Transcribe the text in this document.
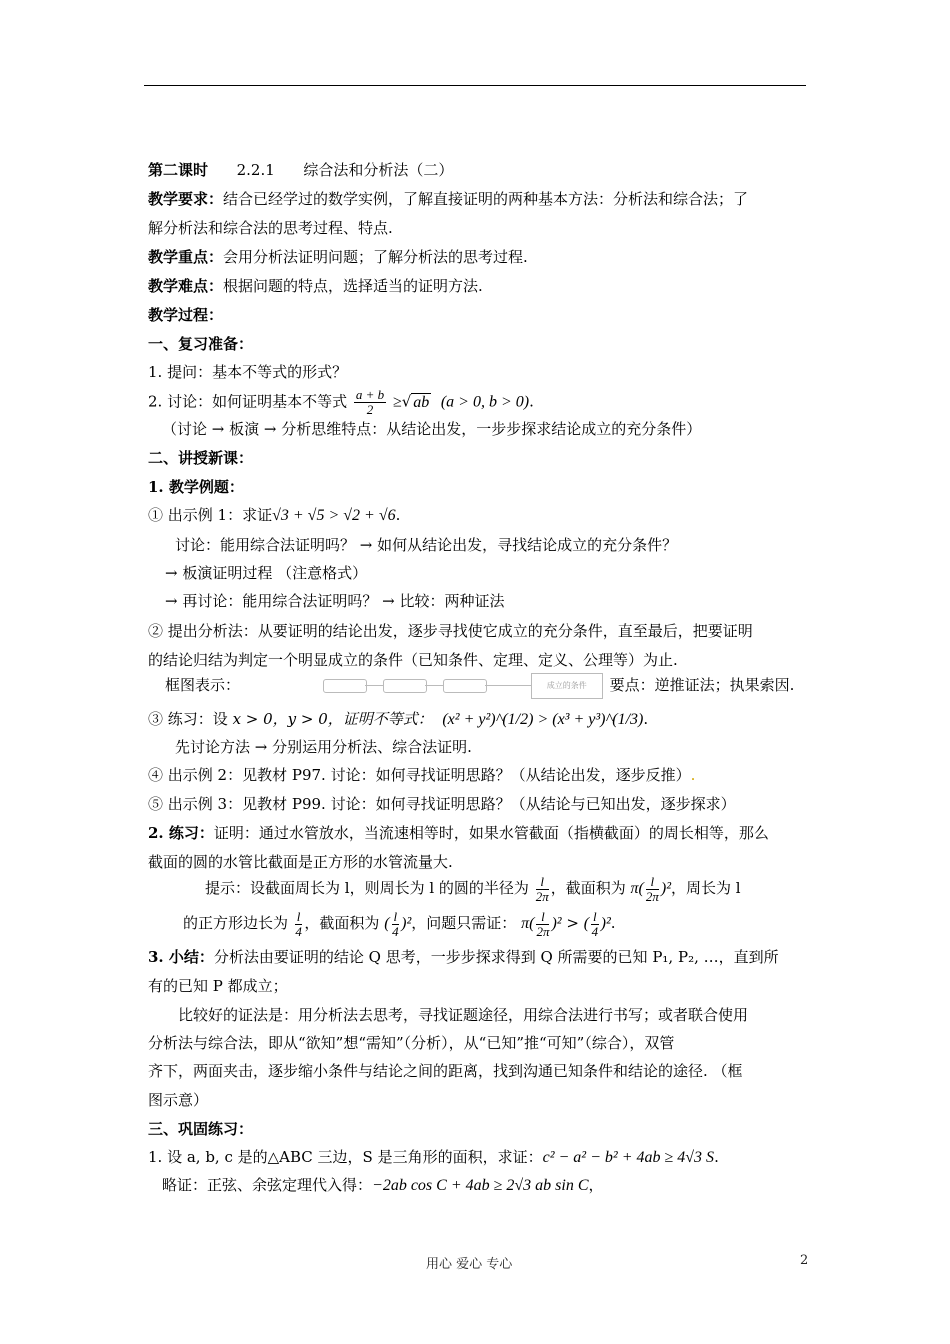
第二课时 2.2.1 综合法和分析法（二）
教学要求：结合已经学过的数学实例，了解直接证明的两种基本方法：分析法和综合法；了
解分析法和综合法的思考过程、特点.
教学重点：会用分析法证明问题；了解分析法的思考过程.
教学难点：根据问题的特点，选择适当的证明方法.
教学过程：
一、复习准备：
1. 提问：基本不等式的形式？
2. 讨论：如何证明基本不等式 $\frac{a + b}{2}$ ≥√ ab (a > 0, b > 0).
（讨论 → 板演 → 分析思维特点：从结论出发，一步步探求结论成立的充分条件）
二、讲授新课：
1. 教学例题：
① 出示例 1：求证√3 + √5 > √2 + √6.
讨论：能用综合法证明吗？ → 如何从结论出发，寻找结论成立的充分条件？
→ 板演证明过程 （注意格式）
→ 再讨论：能用综合法证明吗？ → 比较：两种证法
② 提出分析法：从要证明的结论出发，逐步寻找使它成立的充分条件，直至最后，把要证明
的结论归结为判定一个明显成立的条件（已知条件、定理、定义、公理等）为止.
框图表示：	成立的条件	要点：逆推证法；执果索因.
③ 练习：设 x > 0，y > 0，证明不等式： (x² + y²)^(1/2) > (x³ + y³)^(1/3).
先讨论方法 → 分别运用分析法、综合法证明.
④ 出示例 2：见教材 P97. 讨论：如何寻找证明思路？（从结论出发，逐步反推）.
⑤ 出示例 3：见教材 P99. 讨论：如何寻找证明思路？（从结论与已知出发，逐步探求）
2. 练习：证明：通过水管放水，当流速相等时，如果水管截面（指横截面）的周长相等，那么
截面的圆的水管比截面是正方形的水管流量大.
提示：设截面周长为 l，则周长为 l 的圆的半径为 $\frac{l}{2\pi}$ ，截面积为 $\pi( \frac{l}{2\pi} )^2$，周长为 l
的正方形边长为 $\frac{l}{4}$ ，截面积为 ( $\frac{l}{4} )^2$，问题只需证： $\pi( \frac{l}{2\pi} )^2$ > ( $\frac{l}{4} )^2$.
3. 小结：分析法由要证明的结论 Q 思考，一步步探求得到 Q 所需要的已知 P₁, P₂, …，直到所
有的已知 P 都成立；
比较好的证法是：用分析法去思考，寻找证题途径，用综合法进行书写；或者联合使用
分析法与综合法，即从“欲知”想“需知”（分析），从“已知”推“可知”（综合），双管
齐下，两面夹击，逐步缩小条件与结论之间的距离，找到沟通已知条件和结论的途径. （框
图示意）
三、巩固练习：
1. 设 a, b, c 是的△ABC 三边，S 是三角形的面积，求证：c² − a² − b² + 4ab ≥ 4√3 S.
略证：正弦、余弦定理代入得：−2ab cos C + 4ab ≥ 2√3 ab sin C，
用心 爱心 专心	2
